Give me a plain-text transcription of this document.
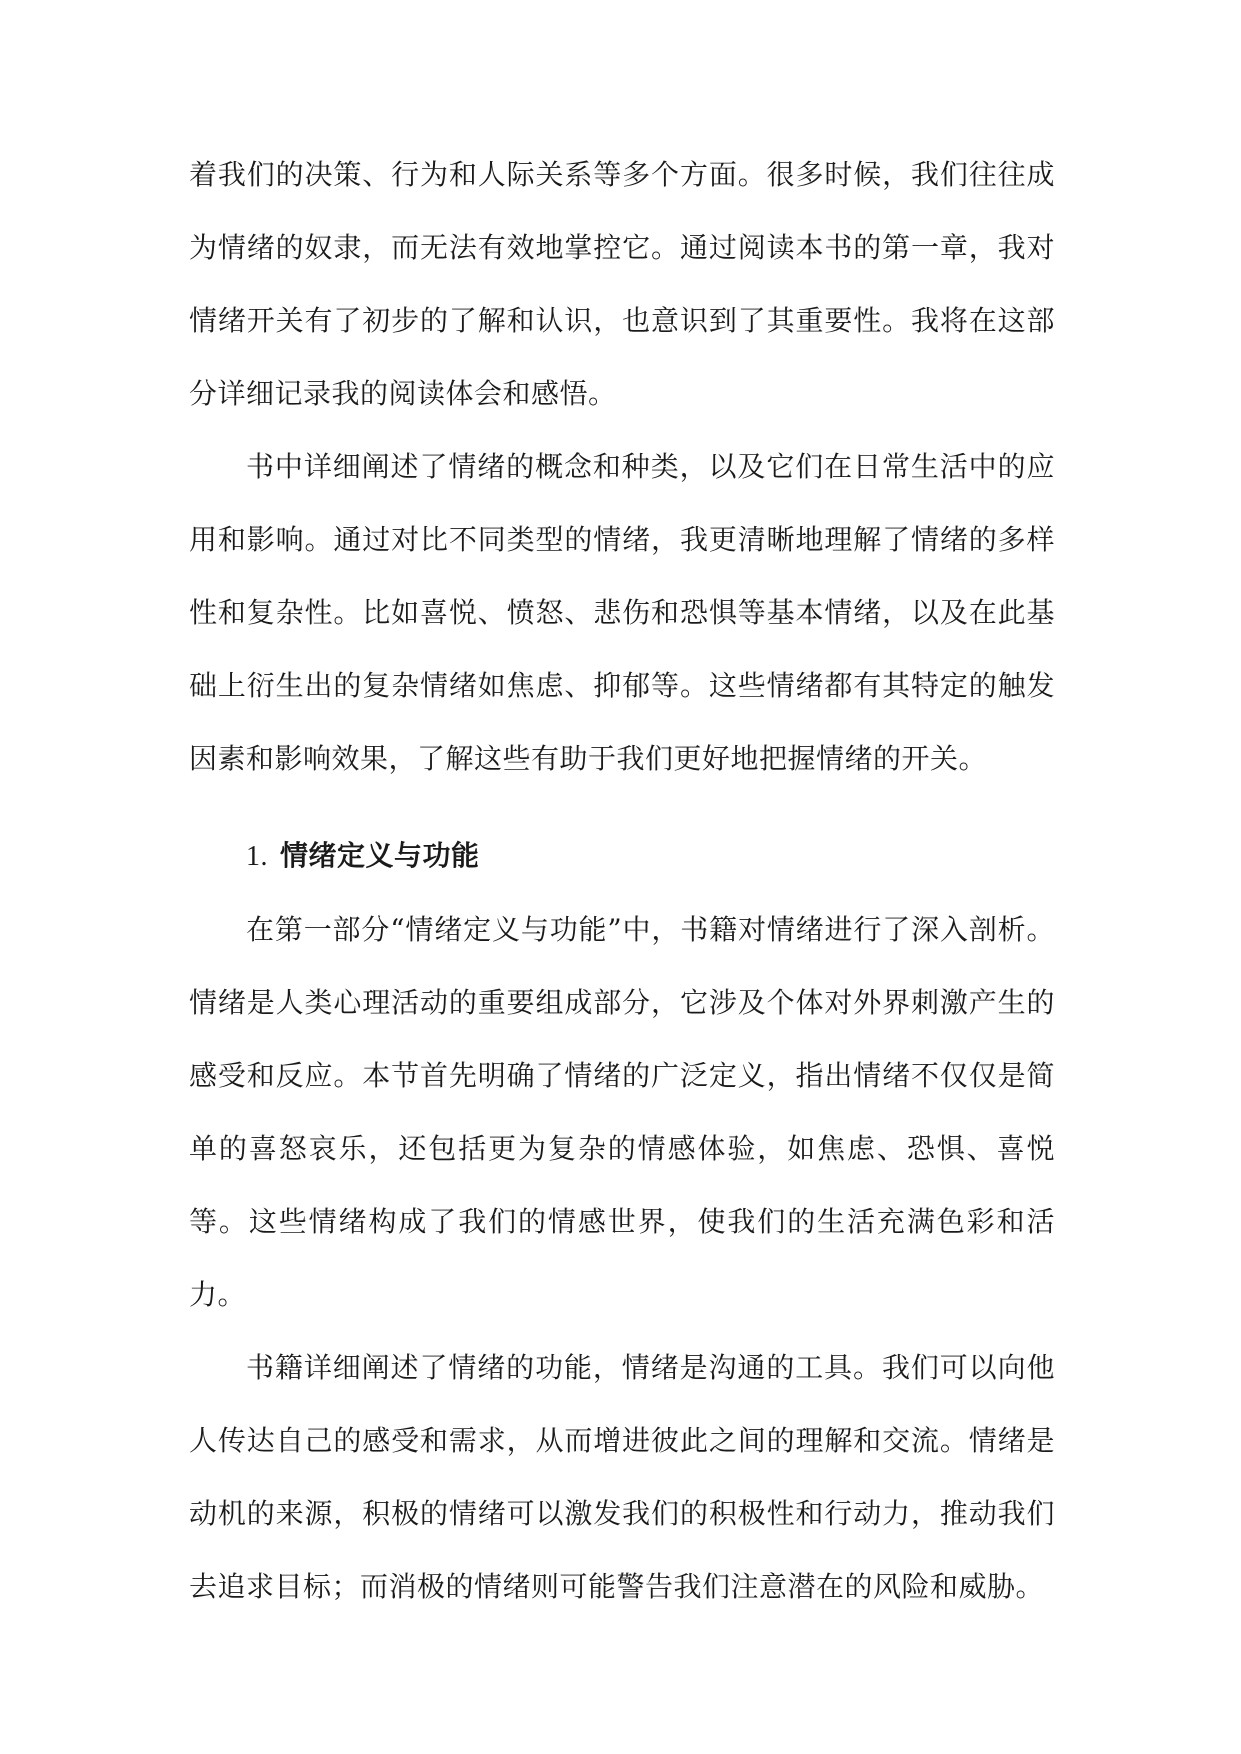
着我们的决策、行为和人际关系等多个方面。很多时候，我们往往成为情绪的奴隶，而无法有效地掌控它。通过阅读本书的第一章，我对情绪开关有了初步的了解和认识，也意识到了其重要性。我将在这部分详细记录我的阅读体会和感悟。

书中详细阐述了情绪的概念和种类，以及它们在日常生活中的应用和影响。通过对比不同类型的情绪，我更清晰地理解了情绪的多样性和复杂性。比如喜悦、愤怒、悲伤和恐惧等基本情绪，以及在此基础上衍生出的复杂情绪如焦虑、抑郁等。这些情绪都有其特定的触发因素和影响效果，了解这些有助于我们更好地把握情绪的开关。

1. 情绪定义与功能

在第一部分“情绪定义与功能”中，书籍对情绪进行了深入剖析。情绪是人类心理活动的重要组成部分，它涉及个体对外界刺激产生的感受和反应。本节首先明确了情绪的广泛定义，指出情绪不仅仅是简单的喜怒哀乐，还包括更为复杂的情感体验，如焦虑、恐惧、喜悦等。这些情绪构成了我们的情感世界，使我们的生活充满色彩和活力。

书籍详细阐述了情绪的功能，情绪是沟通的工具。我们可以向他人传达自己的感受和需求，从而增进彼此之间的理解和交流。情绪是动机的来源，积极的情绪可以激发我们的积极性和行动力，推动我们去追求目标；而消极的情绪则可能警告我们注意潜在的风险和威胁。
